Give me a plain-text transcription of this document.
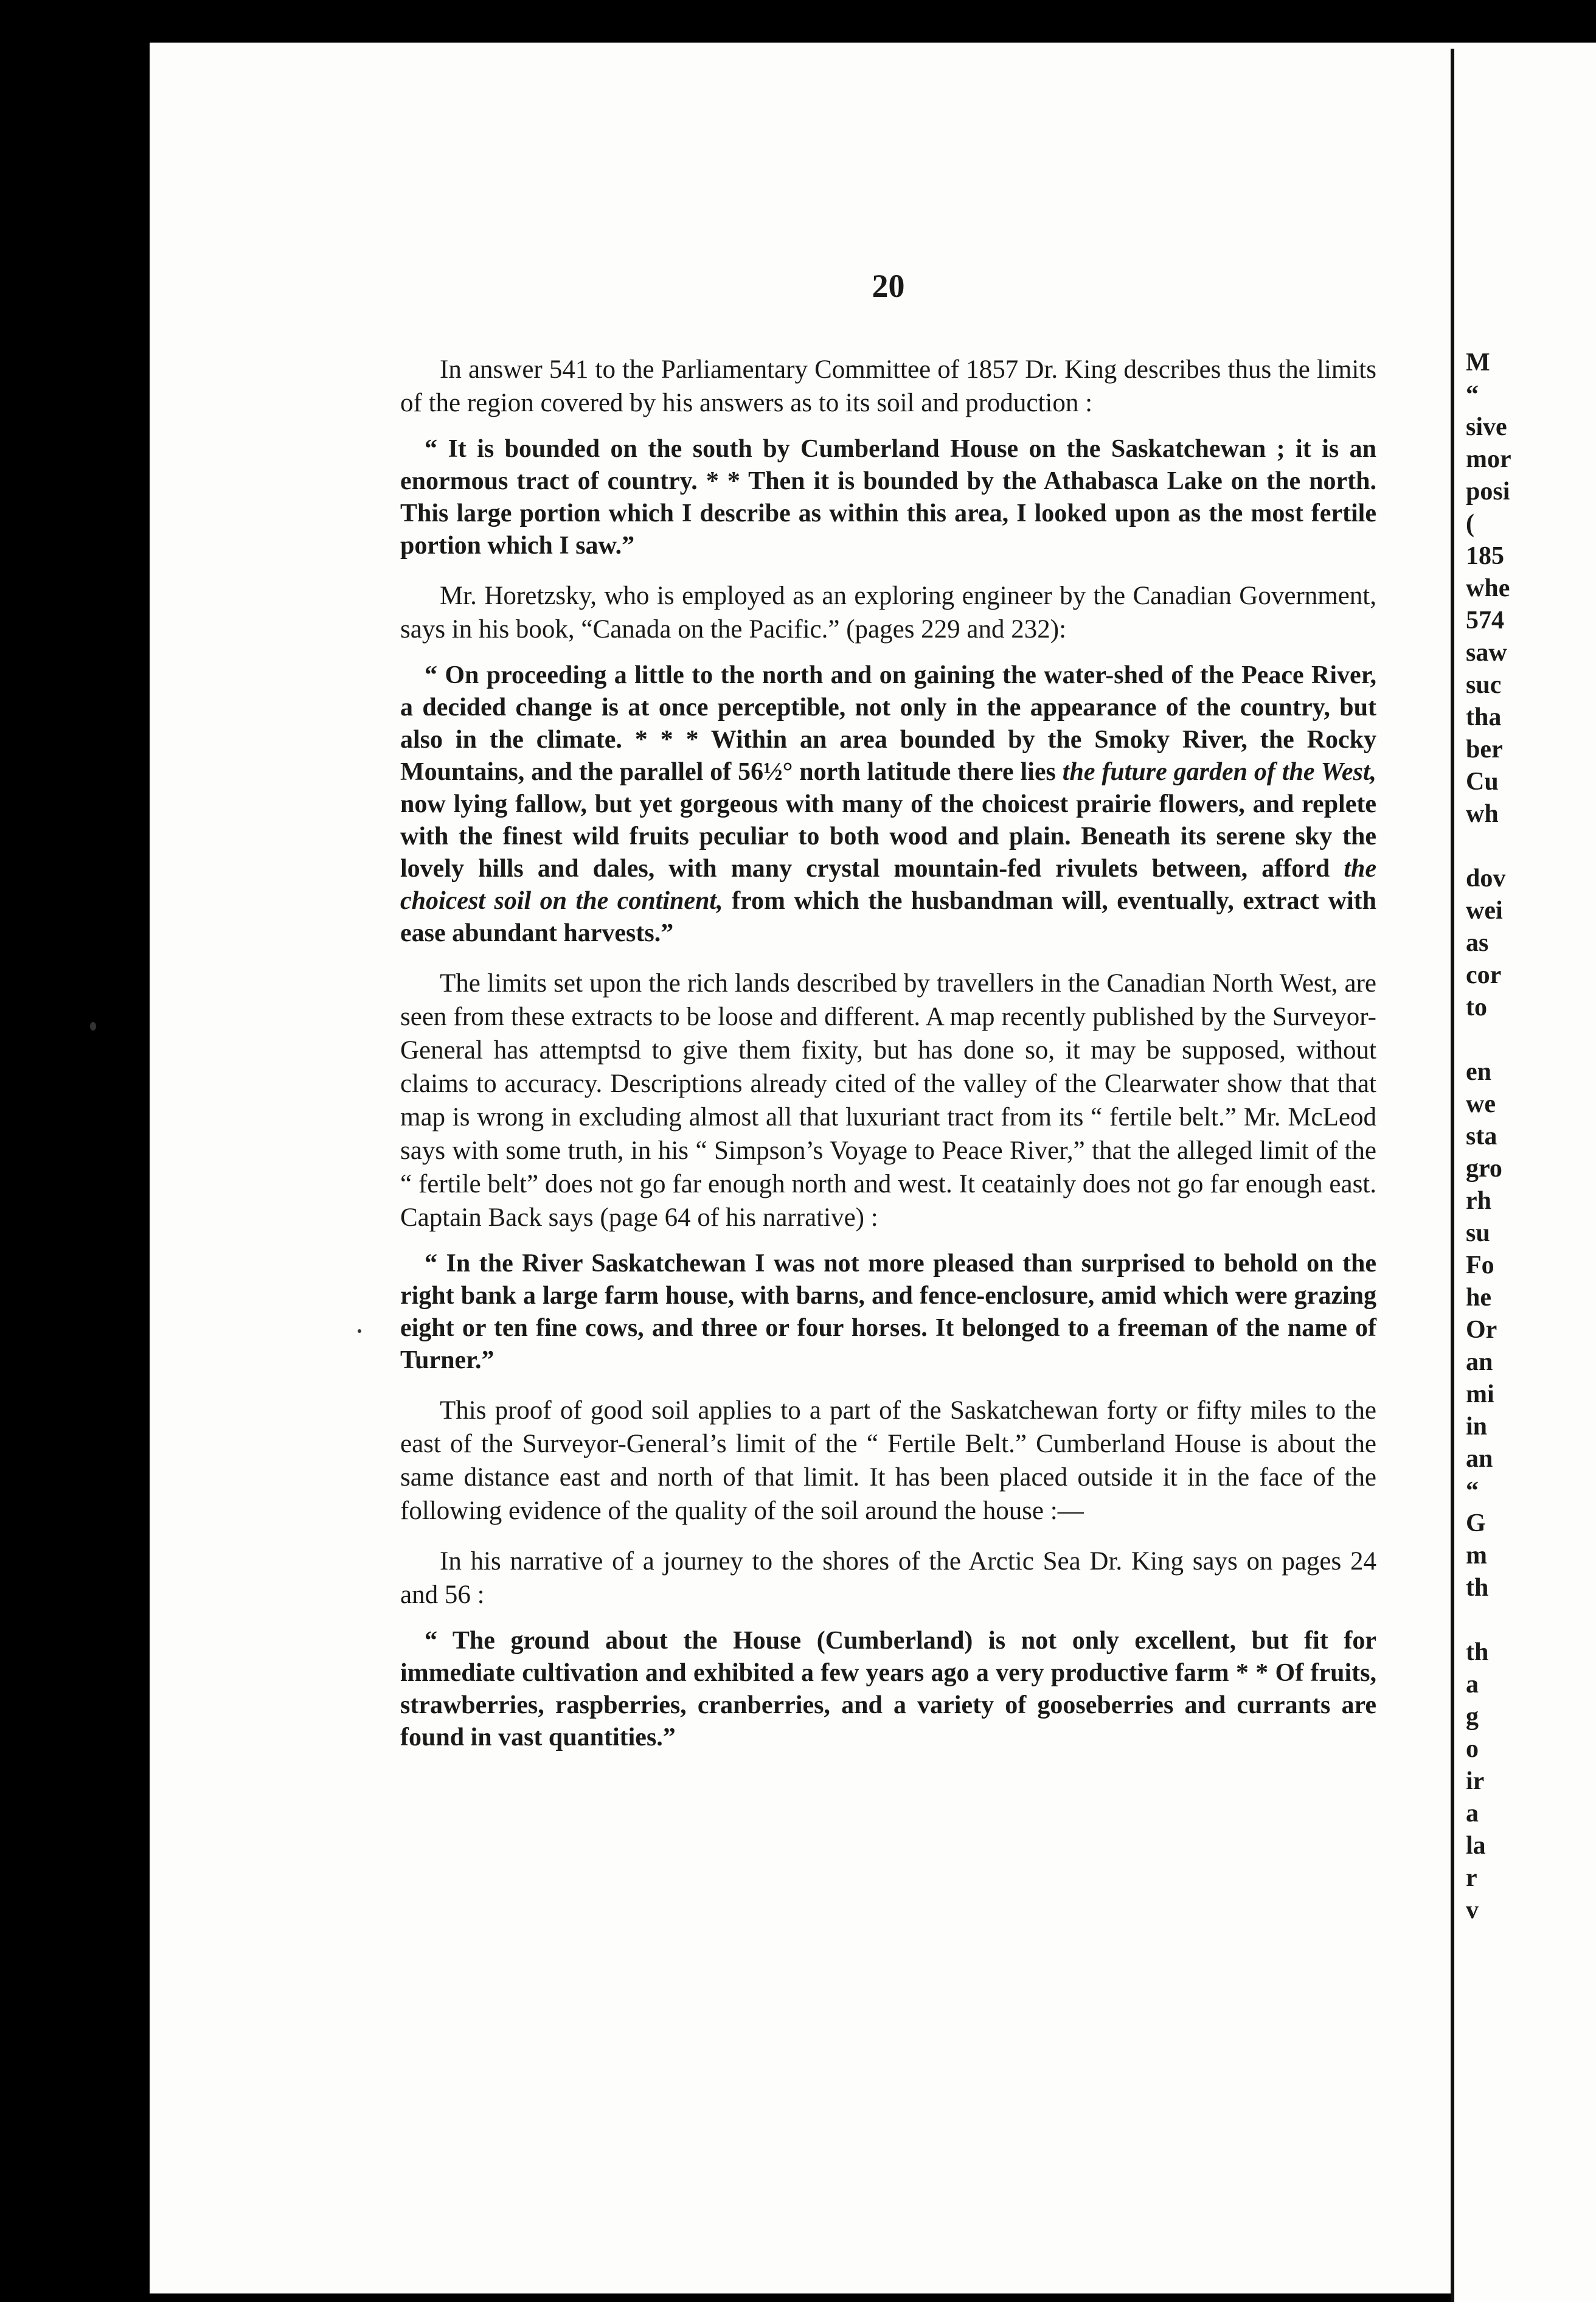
20

In answer 541 to the Parliamentary Committee of 1857 Dr. King describes thus the limits of the region covered by his answers as to its soil and production :

“ It is bounded on the south by Cumberland House on the Saskatchewan ; it is an enormous tract of country. * * Then it is bounded by the Athabasca Lake on the north. This large portion which I describe as within this area, I looked upon as the most fertile portion which I saw.”

Mr. Horetzsky, who is employed as an exploring engineer by the Canadian Government, says in his book, “Canada on the Pacific.” (pages 229 and 232):

“ On proceeding a little to the north and on gaining the water-shed of the Peace River, a decided change is at once perceptible, not only in the appearance of the country, but also in the climate. * * * Within an area bounded by the Smoky River, the Rocky Mountains, and the parallel of 56½° north latitude there lies the future garden of the West, now lying fallow, but yet gorgeous with many of the choicest prairie flowers, and replete with the finest wild fruits peculiar to both wood and plain. Beneath its serene sky the lovely hills and dales, with many crystal mountain-fed rivulets between, afford the choicest soil on the continent, from which the husbandman will, eventually, extract with ease abundant harvests.”

The limits set upon the rich lands described by travellers in the Canadian North West, are seen from these extracts to be loose and different. A map recently published by the Surveyor-General has attemptsd to give them fixity, but has done so, it may be supposed, without claims to accuracy. Descriptions already cited of the valley of the Clearwater show that that map is wrong in excluding almost all that luxuriant tract from its “ fertile belt.” Mr. McLeod says with some truth, in his “ Simpson’s Voyage to Peace River,” that the alleged limit of the “ fertile belt” does not go far enough north and west. It ceatainly does not go far enough east. Captain Back says (page 64 of his narrative) :

“ In the River Saskatchewan I was not more pleased than surprised to behold on the right bank a large farm house, with barns, and fence-enclosure, amid which were grazing eight or ten fine cows, and three or four horses. It belonged to a freeman of the name of Turner.”

This proof of good soil applies to a part of the Saskatchewan forty or fifty miles to the east of the Surveyor-General’s limit of the “ Fertile Belt.” Cumberland House is about the same distance east and north of that limit. It has been placed outside it in the face of the following evidence of the quality of the soil around the house :—

In his narrative of a journey to the shores of the Arctic Sea Dr. King says on pages 24 and 56 :

“ The ground about the House (Cumberland) is not only excellent, but fit for immediate cultivation and exhibited a few years ago a very productive farm * * Of fruits, strawberries, raspberries, cranberries, and a variety of gooseberries and currants are found in vast quantities.”

M
“
sive
mor
posi
(
185
whe
574
saw
suc
tha
ber
Cu
wh
dov
wei
as
cor
to
en
we
sta
gro
rh
su
Fo
he
Or
an
mi
in
an
“
G
m
th
th
a
g
o
ir
a
la
r
v
